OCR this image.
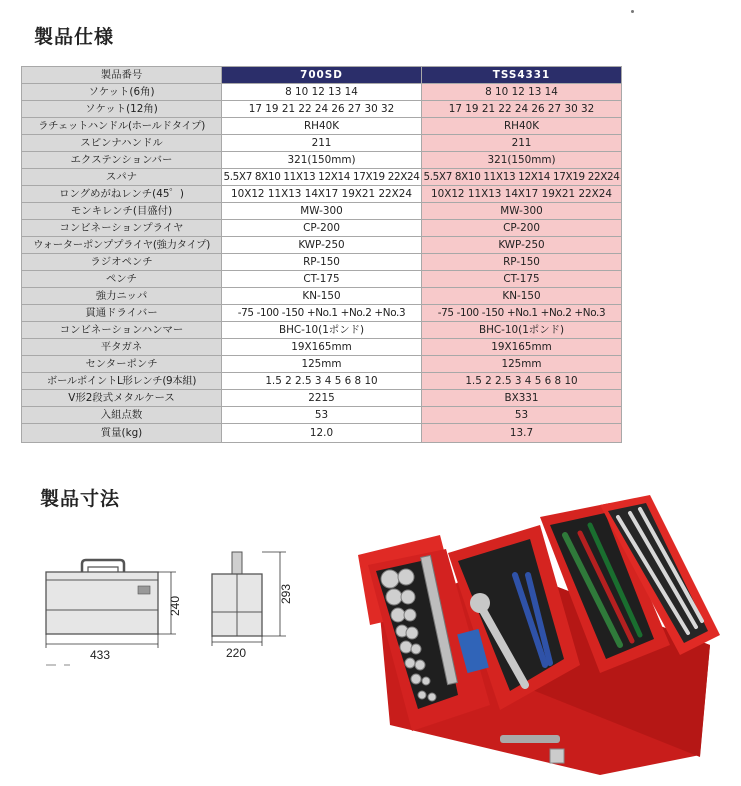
製品仕様
製品番号	700SD	TSS4331
ソケット(6角)	8 10 12 13 14	8 10 12 13 14
ソケット(12角)	17 19 21 22 24 26 27 30 32	17 19 21 22 24 26 27 30 32
ラチェットハンドル(ホールドタイプ)	RH40K	RH40K
スピンナハンドル	211	211
エクステンションバー	321(150mm)	321(150mm)
スパナ	5.5X7 8X10 11X13 12X14 17X19 22X24	5.5X7 8X10 11X13 12X14 17X19 22X24
ロングめがねレンチ(45゜)	10X12 11X13 14X17 19X21 22X24	10X12 11X13 14X17 19X21 22X24
モンキレンチ(目盛付)	MW-300	MW-300
コンビネーションプライヤ	CP-200	CP-200
ウォーターポンププライヤ(強力タイプ)	KWP-250	KWP-250
ラジオペンチ	RP-150	RP-150
ペンチ	CT-175	CT-175
強力ニッパ	KN-150	KN-150
貫通ドライバー	-75 -100 -150 +No.1 +No.2 +No.3	-75 -100 -150 +No.1 +No.2 +No.3
コンビネーションハンマー	BHC-10(1ポンド)	BHC-10(1ポンド)
平タガネ	19X165mm	19X165mm
センターポンチ	125mm	125mm
ボールポイントL形レンチ(9本組)	1.5 2 2.5 3 4 5 6 8 10	1.5 2 2.5 3 4 5 6 8 10
V形2段式メタルケース	2215	BX331
入組点数	53	53
質量(kg)	12.0	13.7
製品寸法
433
240
220
293
